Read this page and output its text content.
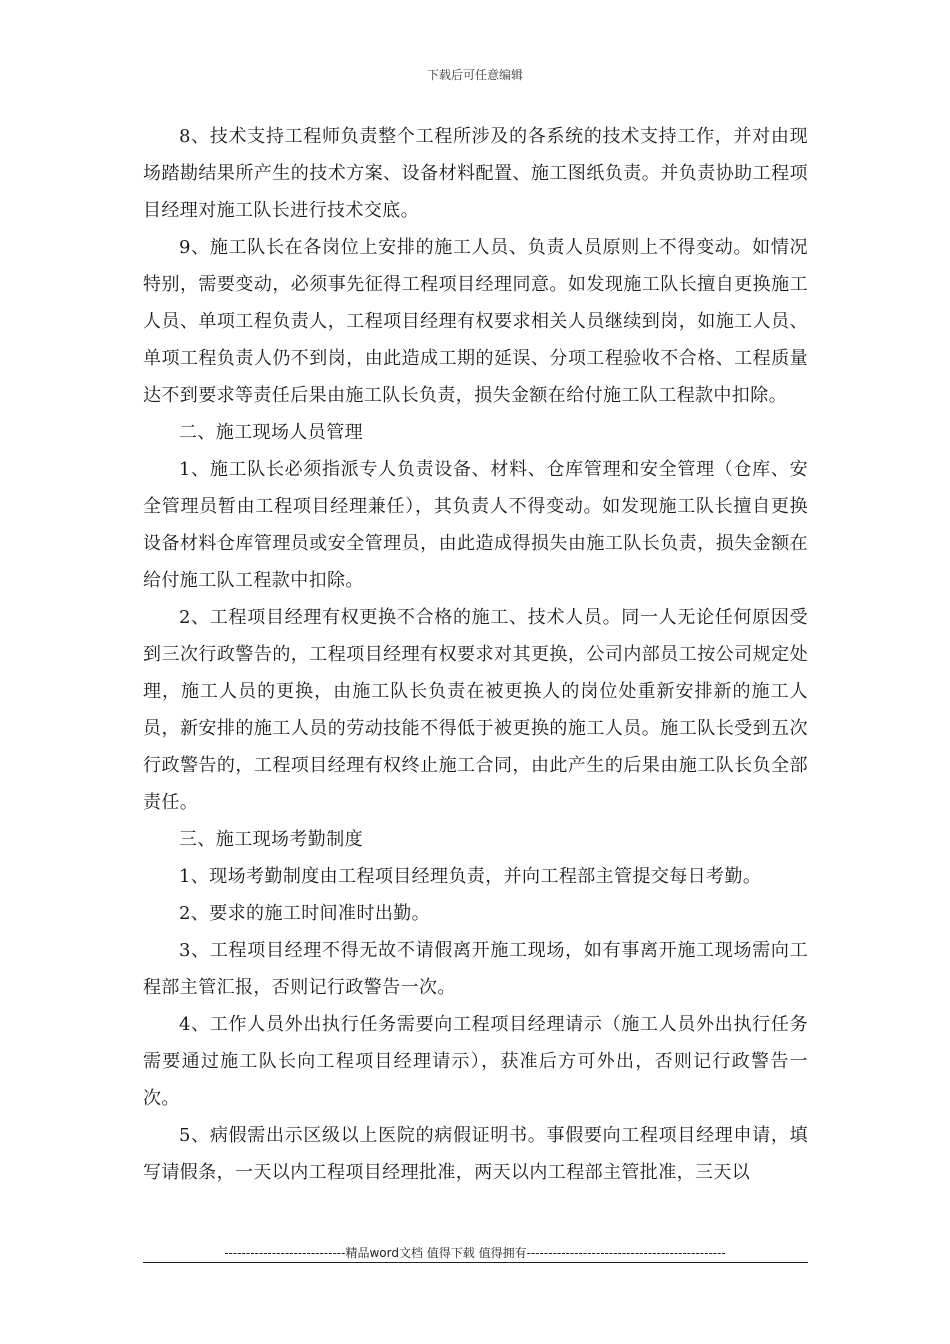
下载后可任意编辑

8、技术支持工程师负责整个工程所涉及的各系统的技术支持工作，并对由现场踏勘结果所产生的技术方案、设备材料配置、施工图纸负责。并负责协助工程项目经理对施工队长进行技术交底。

9、施工队长在各岗位上安排的施工人员、负责人员原则上不得变动。如情况特别，需要变动，必须事先征得工程项目经理同意。如发现施工队长擅自更换施工人员、单项工程负责人，工程项目经理有权要求相关人员继续到岗，如施工人员、单项工程负责人仍不到岗，由此造成工期的延误、分项工程验收不合格、工程质量达不到要求等责任后果由施工队长负责，损失金额在给付施工队工程款中扣除。

二、施工现场人员管理

1、施工队长必须指派专人负责设备、材料、仓库管理和安全管理（仓库、安全管理员暂由工程项目经理兼任），其负责人不得变动。如发现施工队长擅自更换设备材料仓库管理员或安全管理员，由此造成得损失由施工队长负责，损失金额在给付施工队工程款中扣除。

2、工程项目经理有权更换不合格的施工、技术人员。同一人无论任何原因受到三次行政警告的，工程项目经理有权要求对其更换，公司内部员工按公司规定处理，施工人员的更换，由施工队长负责在被更换人的岗位处重新安排新的施工人员，新安排的施工人员的劳动技能不得低于被更换的施工人员。施工队长受到五次行政警告的，工程项目经理有权终止施工合同，由此产生的后果由施工队长负全部责任。

三、施工现场考勤制度

1、现场考勤制度由工程项目经理负责，并向工程部主管提交每日考勤。

2、要求的施工时间准时出勤。

3、工程项目经理不得无故不请假离开施工现场，如有事离开施工现场需向工程部主管汇报，否则记行政警告一次。

4、工作人员外出执行任务需要向工程项目经理请示（施工人员外出执行任务需要通过施工队长向工程项目经理请示），获准后方可外出，否则记行政警告一次。

5、病假需出示区级以上医院的病假证明书。事假要向工程项目经理申请，填写请假条，一天以内工程项目经理批准，两天以内工程部主管批准，三天以

----------------------------精品word文档 值得下载 值得拥有----------------------------------------------
